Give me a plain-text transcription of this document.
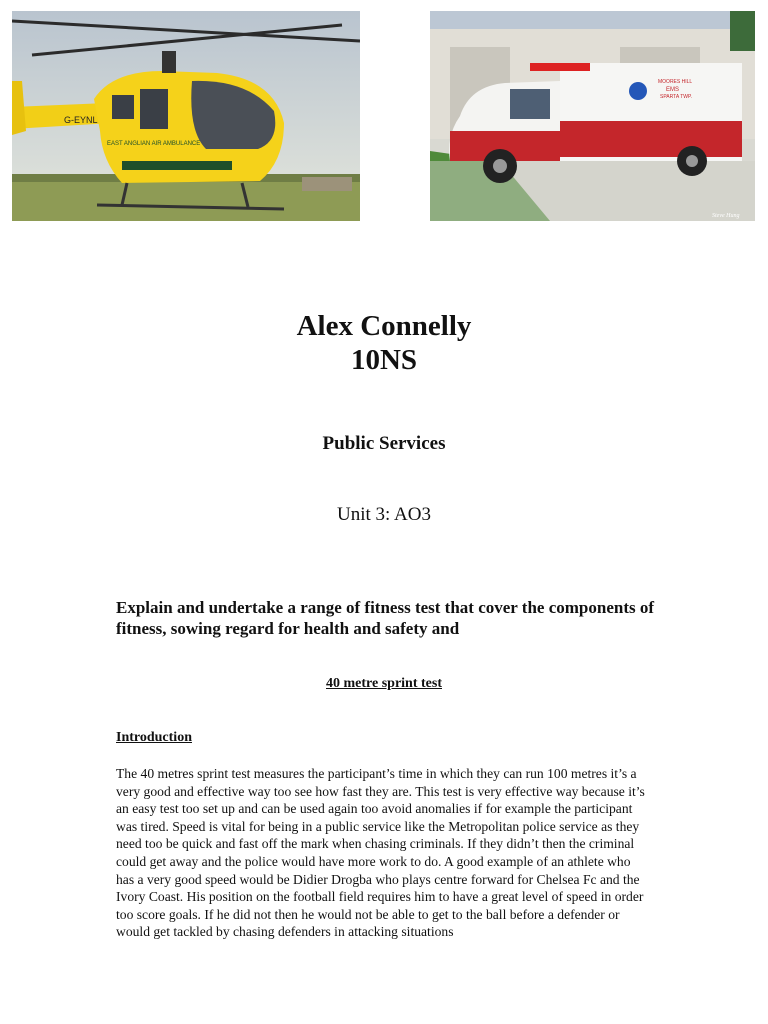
G-EYNL
EAST ANGLIAN AIR AMBULANCE
MOORES HILL
EMS
SPARTA TWP.
Steve Hung
Alex Connelly
10NS
Public Services
Unit 3: AO3
Explain and undertake a range of fitness test that cover the components of fitness, sowing regard for health and safety and
40 metre sprint test
Introduction
The 40 metres sprint test measures the participant’s time in which they can run 100 metres it’s a very good and effective way too see how fast they are. This test is very effective way because it’s an easy test too set up and can be used again too avoid anomalies if for example the participant was tired. Speed is vital for being in a public service like the Metropolitan police service as they need too be quick and fast off the mark when chasing criminals. If they didn’t then the criminal could get away and the police would have more work to do. A good example of an athlete who has a very good speed would be Didier Drogba who plays centre forward for Chelsea Fc and the Ivory Coast. His position on the football field requires him to have a great level of speed in order too score goals. If he did not then he would not be able to get to the ball before a defender or would get tackled by chasing defenders in attacking situations
